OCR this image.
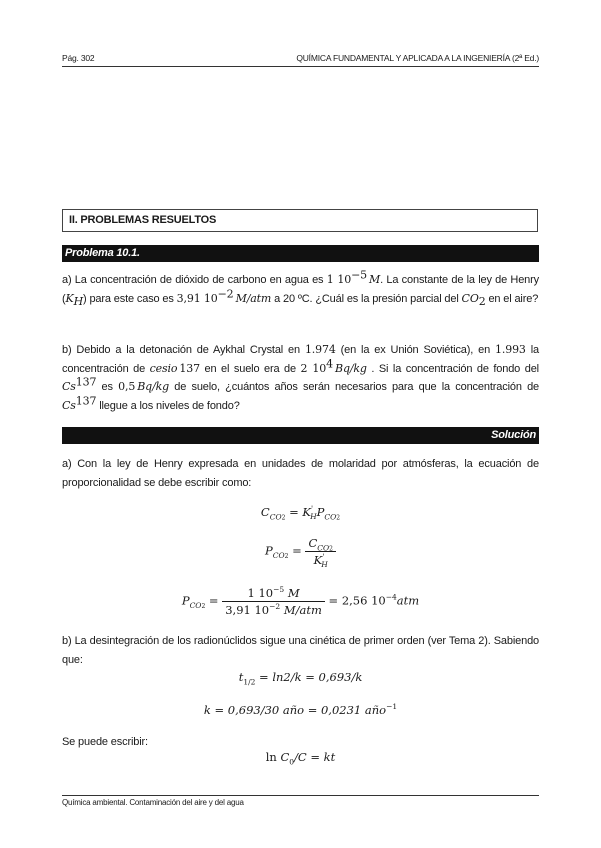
Pág. 302	QUÍMICA FUNDAMENTAL Y APLICADA A LA INGENIERÍA (2ª Ed.)
II. PROBLEMAS RESUELTOS
Problema 10.1.
a) La concentración de dióxido de carbono en agua es 1 $10^{-5}$  M. La constante de la ley de Henry $(K_H)$ para este caso es 3,91 $10^{-2}$  M/atm a 20 ºC. ¿Cuál es la presión parcial del $CO_2$ en el aire?
b) Debido a la detonación de Aykhal Crystal en 1.974 (en la ex Unión Soviética), en 1.993 la concentración de cesio  137 en el suelo era de 2 $10^4$  Bq/kg . Si la concentración de fondo del Cs$^{137}$ es 0,5  Bq/kg de suelo, ¿cuántos años serán necesarios para que la concentración de Cs$^{137}$ llegue a los niveles de fondo?
Solución
a) Con la ley de Henry expresada en unidades de molaridad por atmósferas, la ecuación de proporcionalidad se debe escribir como:
$C_{CO2} = K'_HP_{CO2}$
$P_{CO2} = \frac{C_{CO2}}{K'_H}$
$P_{CO2} = \frac{1 10^{-5} M}{3,91 10^{-2} M/atm} = 2,56$ $10^{-4}atm$
b) La desintegración de los radionúclidos sigue una cinética de primer orden (ver Tema 2). Sabiendo que:
$t_{1/2} = \ln 2/k = 0,693/k$
k = 0,693/30 año = 0,0231 año$^{-1}$
Se puede escribir:
$\ln C_0/C$ = kt
Química ambiental. Contaminación del aire y del agua
